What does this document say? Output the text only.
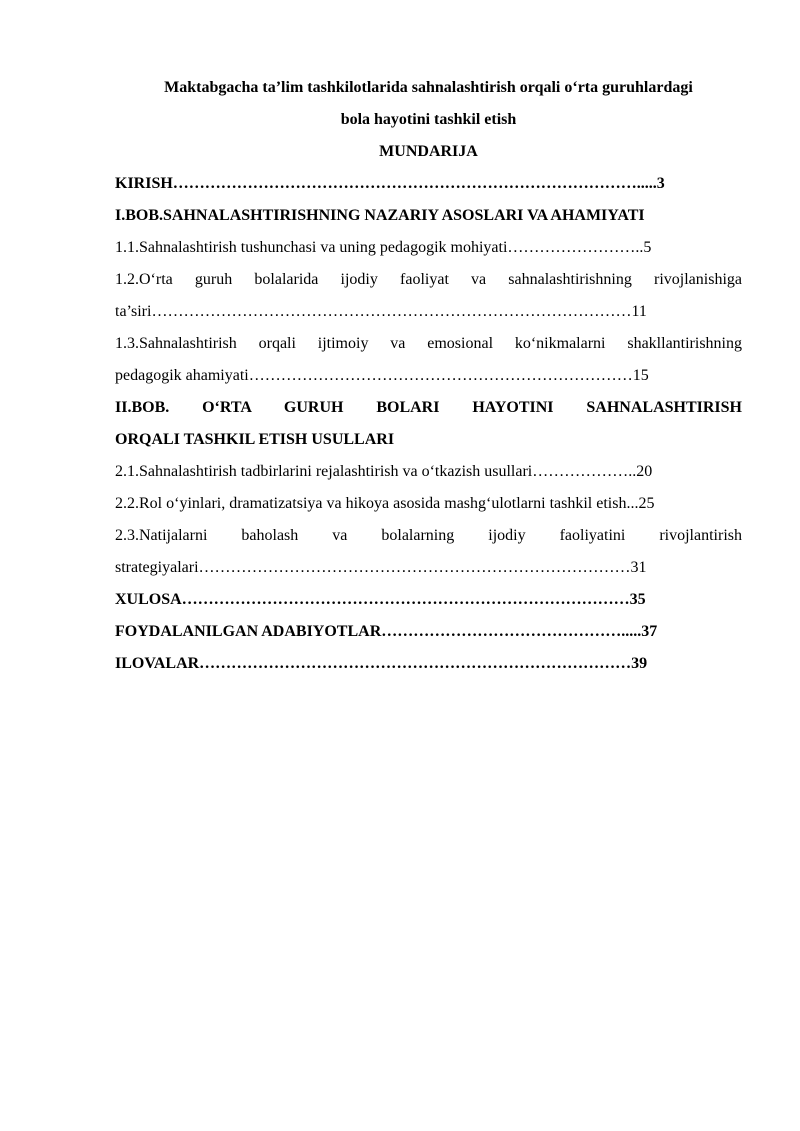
Maktabgacha ta’lim tashkilotlarida sahnalashtirish orqali o‘rta guruhlardagi

bola hayotini tashkil etish

MUNDARIJA

KIRISH…………………………………………………………………………….....3

I.BOB.SAHNALASHTIRISHNING NAZARIY ASOSLARI VA AHAMIYATI

1.1.Sahnalashtirish tushunchasi va uning pedagogik mohiyati……………………..5

1.2.O‘rta guruh bolalarida ijodiy faoliyat va sahnalashtirishning rivojlanishiga

ta’siri………………………………………………………………………………11

1.3.Sahnalashtirish orqali ijtimoiy va emosional ko‘nikmalarni shakllantirishning

pedagogik ahamiyati………………………………………………………………15

II.BOB. O‘RTA GURUH BOLARI HAYOTINI SAHNALASHTIRISH

ORQALI TASHKIL ETISH USULLARI

2.1.Sahnalashtirish tadbirlarini rejalashtirish va o‘tkazish usullari………………..20

2.2.Rol o‘yinlari, dramatizatsiya va hikoya asosida mashg‘ulotlarni tashkil etish...25

2.3.Natijalarni baholash va bolalarning ijodiy faoliyatini rivojlantirish

strategiyalari………………………………………………………………………31

XULOSA…………………………………………………………………………35

FOYDALANILGAN ADABIYOTLAR……………………………………….....37

ILOVALAR………………………………………………………………………39
